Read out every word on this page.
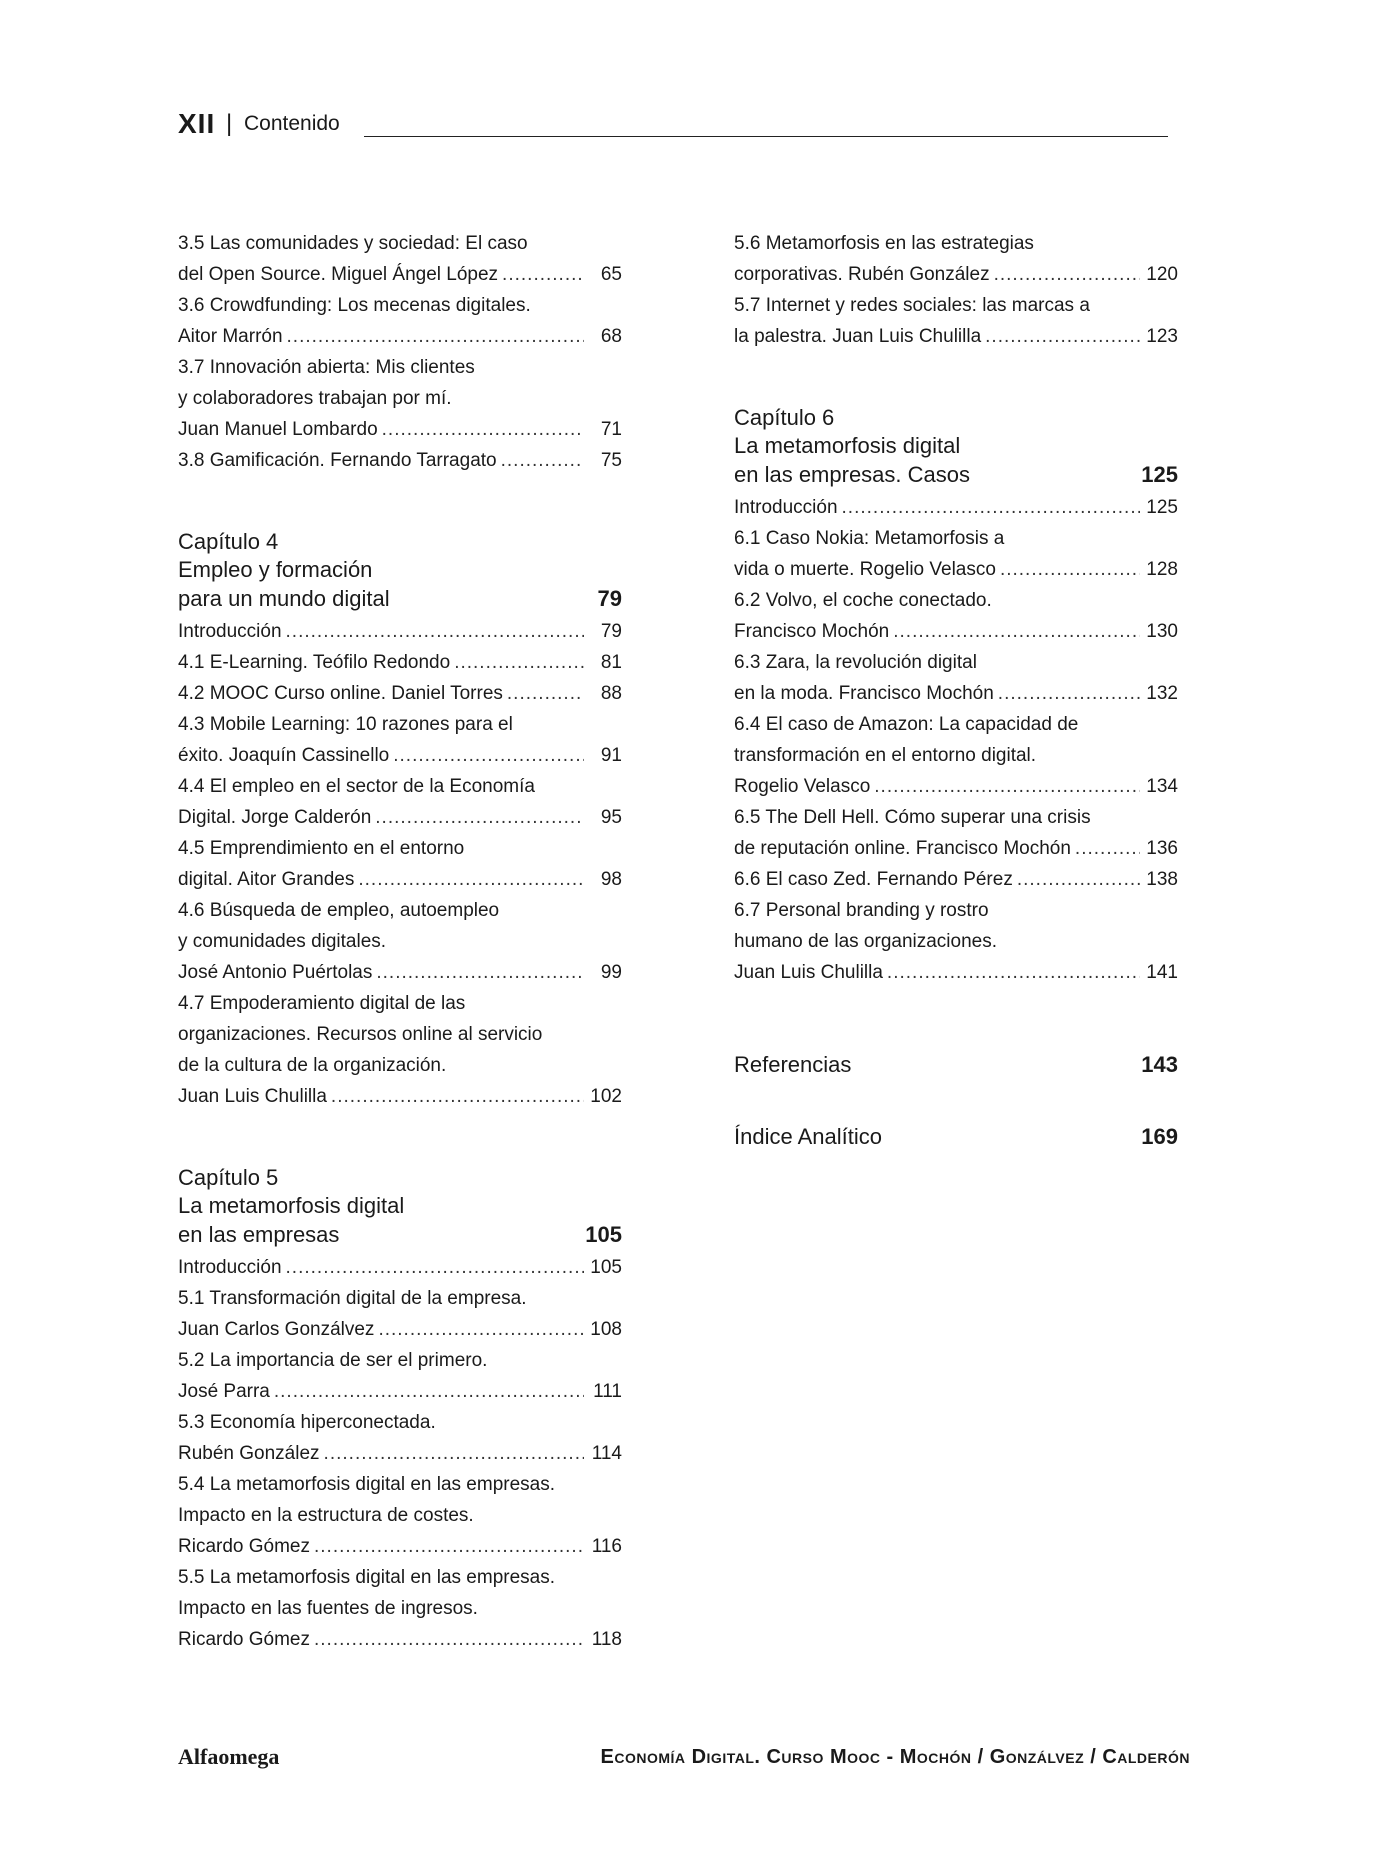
XII | Contenido
3.5 Las comunidades y sociedad: El caso
del Open Source. Miguel Ángel López .....	65
3.6 Crowdfunding: Los mecenas digitales.
Aitor Marrón .....	68
3.7 Innovación abierta: Mis clientes
y colaboradores trabajan por mí.
Juan Manuel Lombardo .....	71
3.8 Gamificación. Fernando Tarragato .....	75
Capítulo 4
Empleo y formación
para un mundo digital	79
Introducción .....	79
4.1 E-Learning. Teófilo Redondo .....	81
4.2 MOOC Curso online. Daniel Torres .....	88
4.3 Mobile Learning: 10 razones para el
éxito. Joaquín Cassinello .....	91
4.4 El empleo en el sector de la Economía
Digital. Jorge Calderón .....	95
4.5 Emprendimiento en el entorno
digital. Aitor Grandes .....	98
4.6 Búsqueda de empleo, autoempleo
y comunidades digitales.
José Antonio Puértolas .....	99
4.7 Empoderamiento digital de las
organizaciones. Recursos online al servicio
de la cultura de la organización.
Juan Luis Chulilla .....	102
Capítulo 5
La metamorfosis digital
en las empresas	105
Introducción .....	105
5.1 Transformación digital de la empresa.
Juan Carlos Gonzálvez .....	108
5.2 La importancia de ser el primero.
José Parra .....	111
5.3 Economía hiperconectada.
Rubén González .....	114
5.4 La metamorfosis digital en las empresas.
Impacto en la estructura de costes.
Ricardo Gómez .....	116
5.5 La metamorfosis digital en las empresas.
Impacto en las fuentes de ingresos.
Ricardo Gómez .....	118
5.6 Metamorfosis en las estrategias
corporativas. Rubén González .....	120
5.7 Internet y redes sociales: las marcas a
la palestra. Juan Luis Chulilla .....	123
Capítulo 6
La metamorfosis digital
en las empresas. Casos	125
Introducción .....	125
6.1 Caso Nokia: Metamorfosis a
vida o muerte. Rogelio Velasco .....	128
6.2 Volvo, el coche conectado.
Francisco Mochón .....	130
6.3 Zara, la revolución digital
en la moda. Francisco Mochón .....	132
6.4 El caso de Amazon: La capacidad de
transformación en el entorno digital.
Rogelio Velasco .....	134
6.5 The Dell Hell. Cómo superar una crisis
de reputación online. Francisco Mochón .....	136
6.6 El caso Zed. Fernando Pérez .....	138
6.7 Personal branding y rostro
humano de las organizaciones.
Juan Luis Chulilla .....	141
Referencias	143
Índice Analítico	169
Alfaomega	Economía Digital. Curso Mooc - Mochón / Gonzálvez / Calderón
